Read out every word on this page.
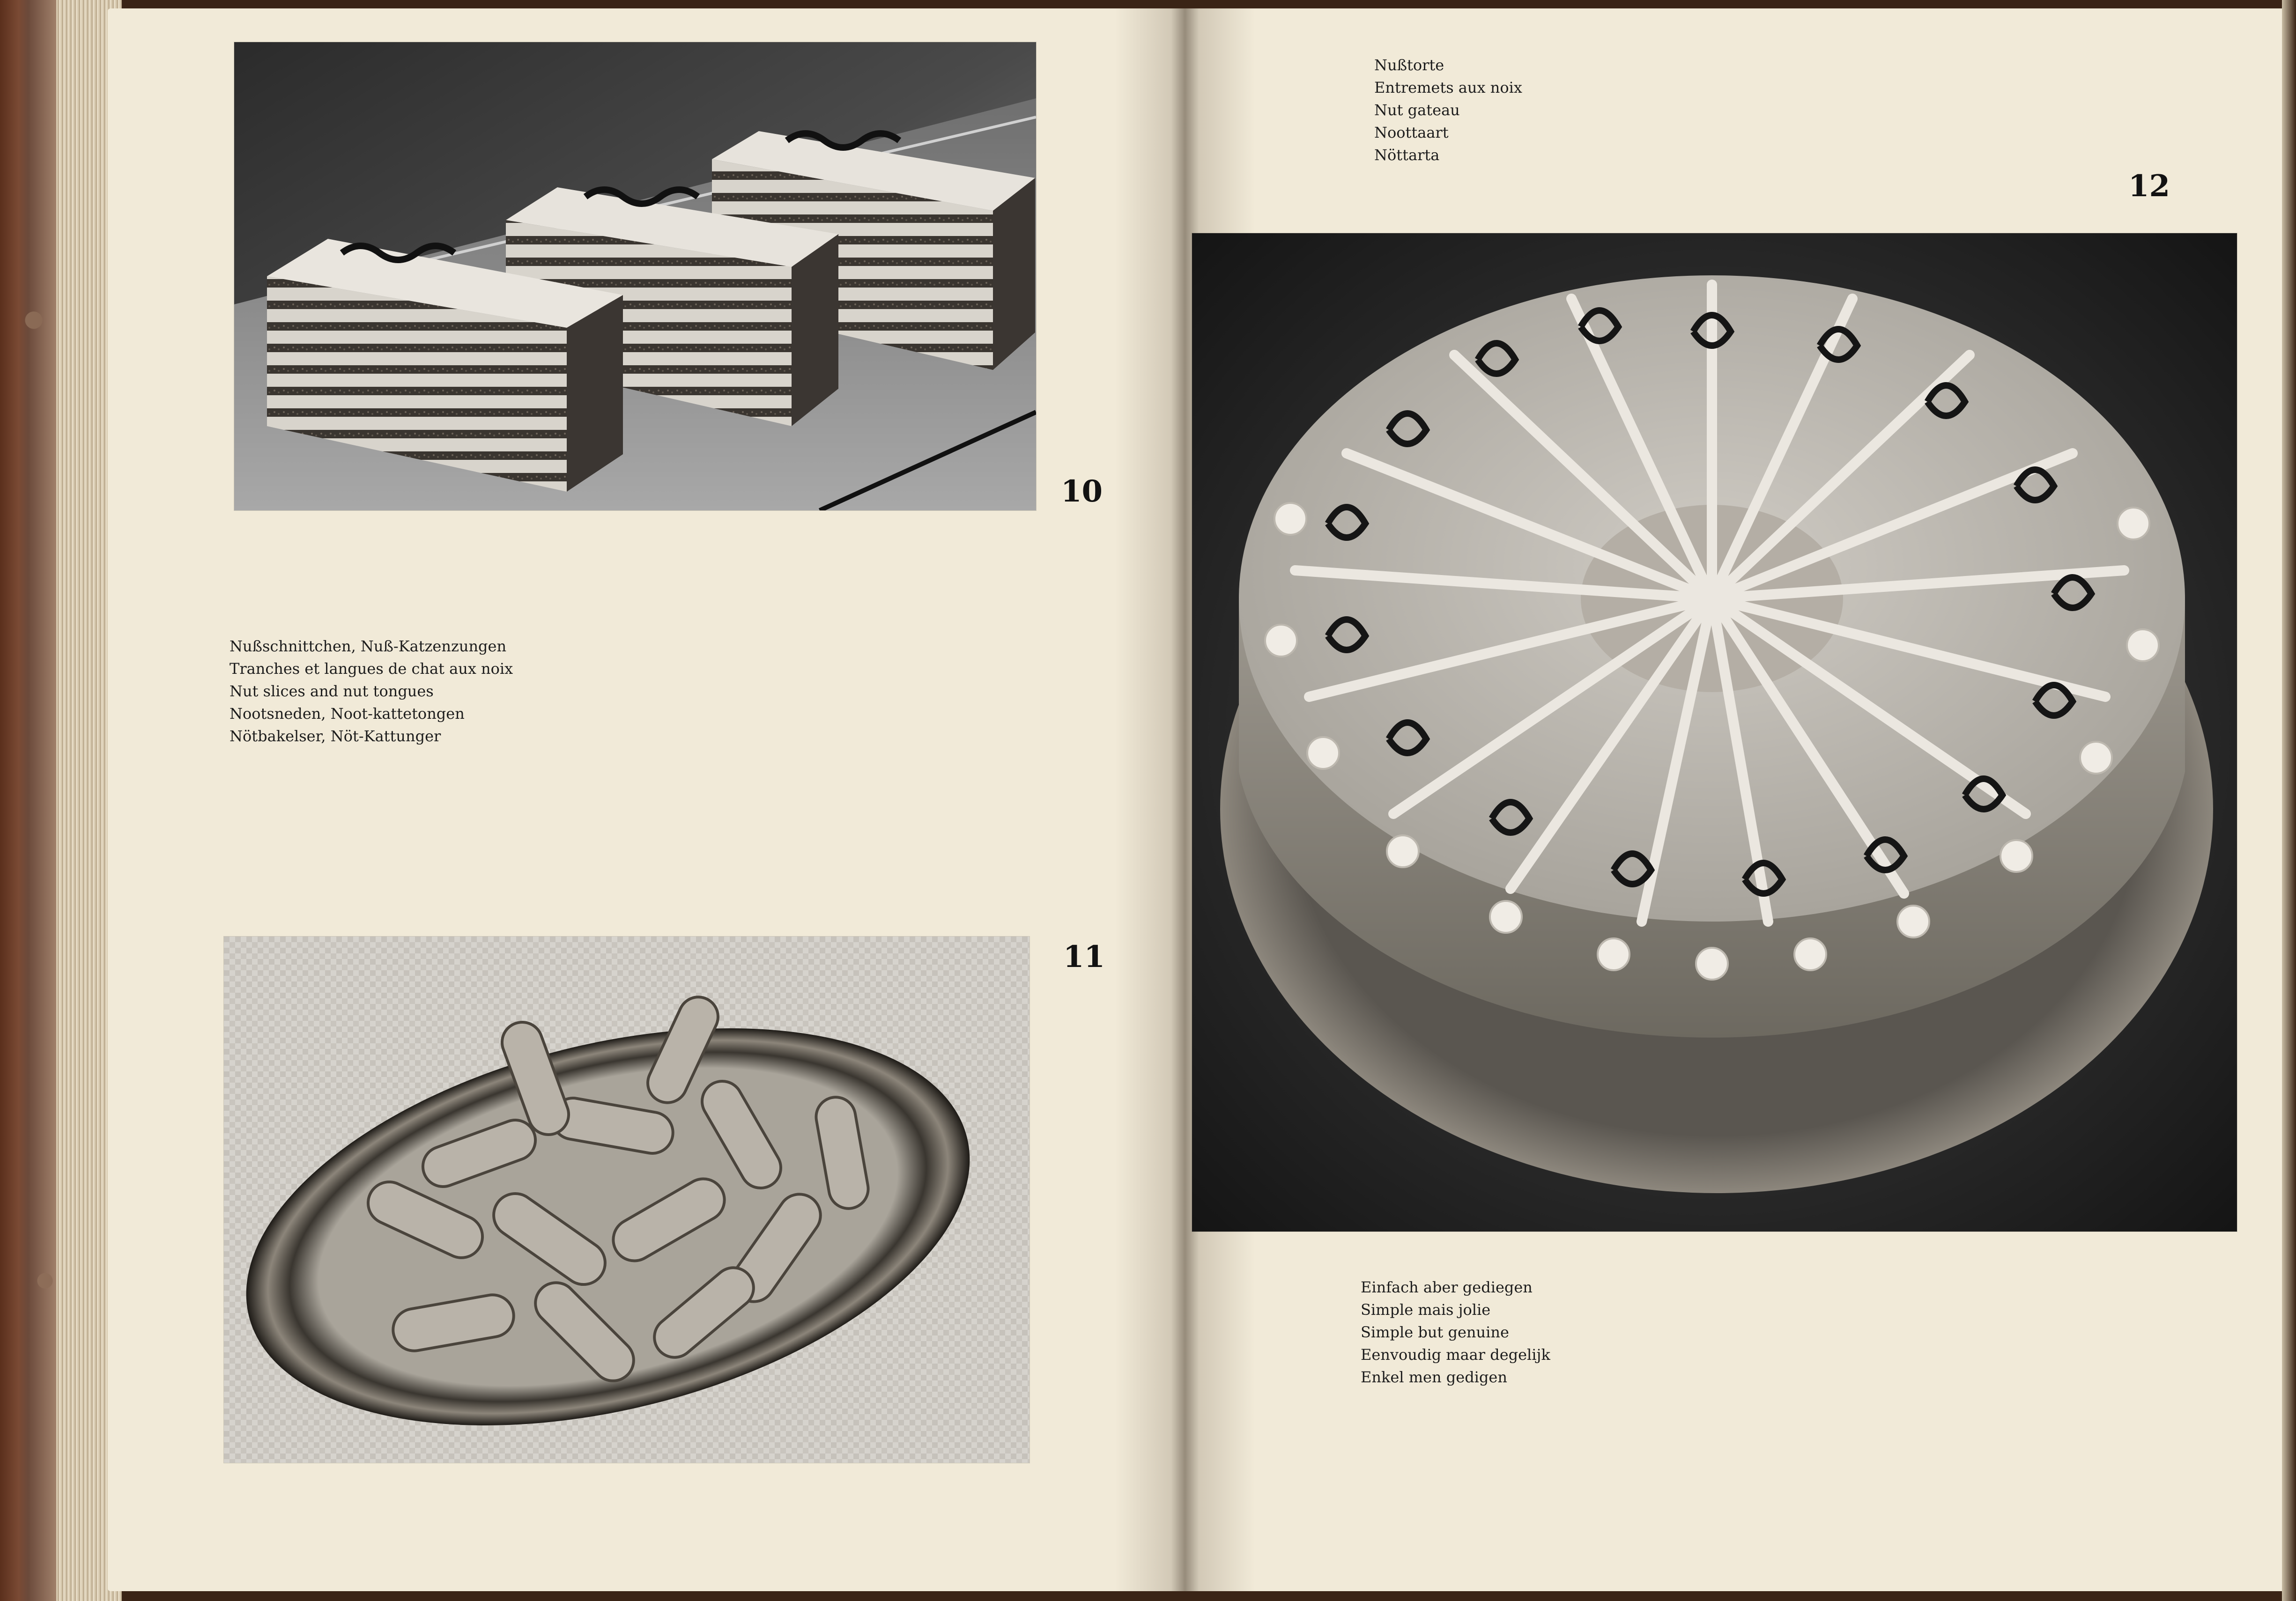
10
Nußschnittchen, Nuß-Katzenzungen
Tranches et langues de chat aux noix
Nut slices and nut tongues
Nootsneden, Noot-kattetongen
Nötbakelser, Nöt-Kattunger
11
Nußtorte
Entremets aux noix
Nut gateau
Noottaart
Nöttarta
12
Einfach aber gediegen
Simple mais jolie
Simple but genuine
Eenvoudig maar degelijk
Enkel men gedigen
